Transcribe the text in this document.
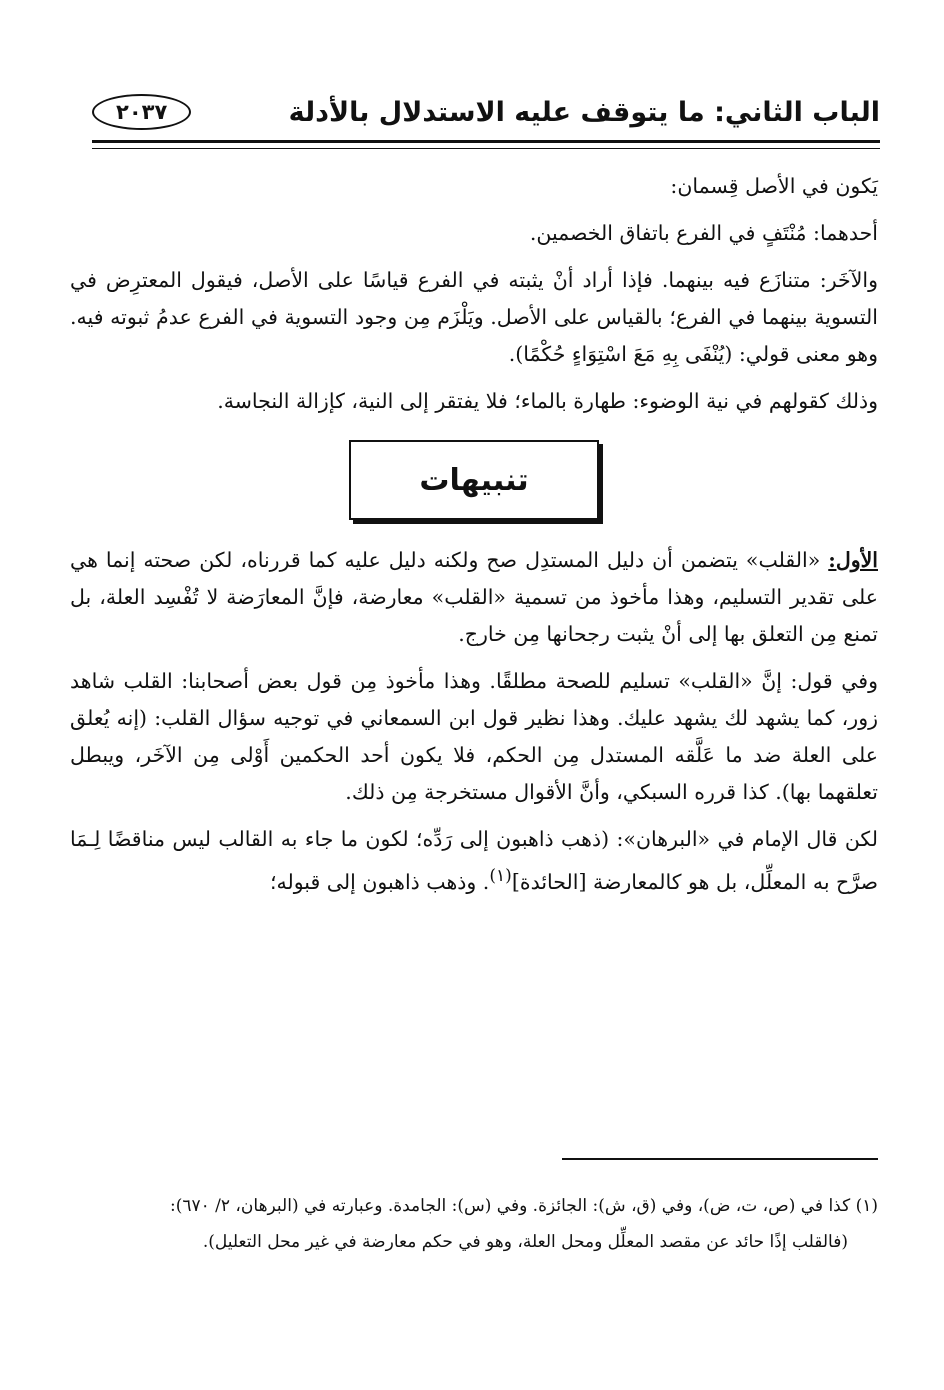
الباب الثاني: ما يتوقف عليه الاستدلال بالأدلة
٢٠٣٧

يَكون في الأصل قِسمان:

أحدهما: مُنْتَفٍ في الفرع باتفاق الخصمين.

والآخَر: متنازَع فيه بينهما. فإذا أراد أنْ يثبته في الفرع قياسًا على الأصل، فيقول المعترِض في التسوية بينهما في الفرع؛ بالقياس على الأصل. ويَلْزَم مِن وجود التسوية في الفرع عدمُ ثبوته فيه. وهو معنى قولي: (يُنْفَى بِهِ مَعَ اسْتِوَاءٍ حُكْمًا).

وذلك كقولهم في نية الوضوء: طهارة بالماء؛ فلا يفتقر إلى النية، كإزالة النجاسة.

تنبيهات

الأول: «القلب» يتضمن أن دليل المستدِل صح ولكنه دليل عليه كما قررناه، لكن صحته إنما هي على تقدير التسليم، وهذا مأخوذ من تسمية «القلب» معارضة، فإنَّ المعارَضة لا تُفْسِد العلة، بل تمنع مِن التعلق بها إلى أنْ يثبت رجحانها مِن خارج.

وفي قول: إنَّ «القلب» تسليم للصحة مطلقًا. وهذا مأخوذ مِن قول بعض أصحابنا: القلب شاهد زور، كما يشهد لك يشهد عليك. وهذا نظير قول ابن السمعاني في توجيه سؤال القلب: (إنه يُعلق على العلة ضد ما عَلَّقه المستدل مِن الحكم، فلا يكون أحد الحكمين أَوْلى مِن الآخَر، ويبطل تعلقهما بها). كذا قرره السبكي، وأنَّ الأقوال مستخرجة مِن ذلك.

لكن قال الإمام في «البرهان»: (ذهب ذاهبون إلى رَدِّه؛ لكون ما جاء به القالب ليس مناقضًا لِـمَا صرَّح به المعلِّل، بل هو كالمعارضة [الحائدة]$^{(١)}$. وذهب ذاهبون إلى قبوله؛

(١) كذا في (ص، ت، ض)، وفي (ق، ش): الجائزة. وفي (س): الجامدة. وعبارته في (البرهان، ٢/ ٦٧٠):

(فالقلب إذًا حائد عن مقصد المعلِّل ومحل العلة، وهو في حكم معارضة في غير محل التعليل).
